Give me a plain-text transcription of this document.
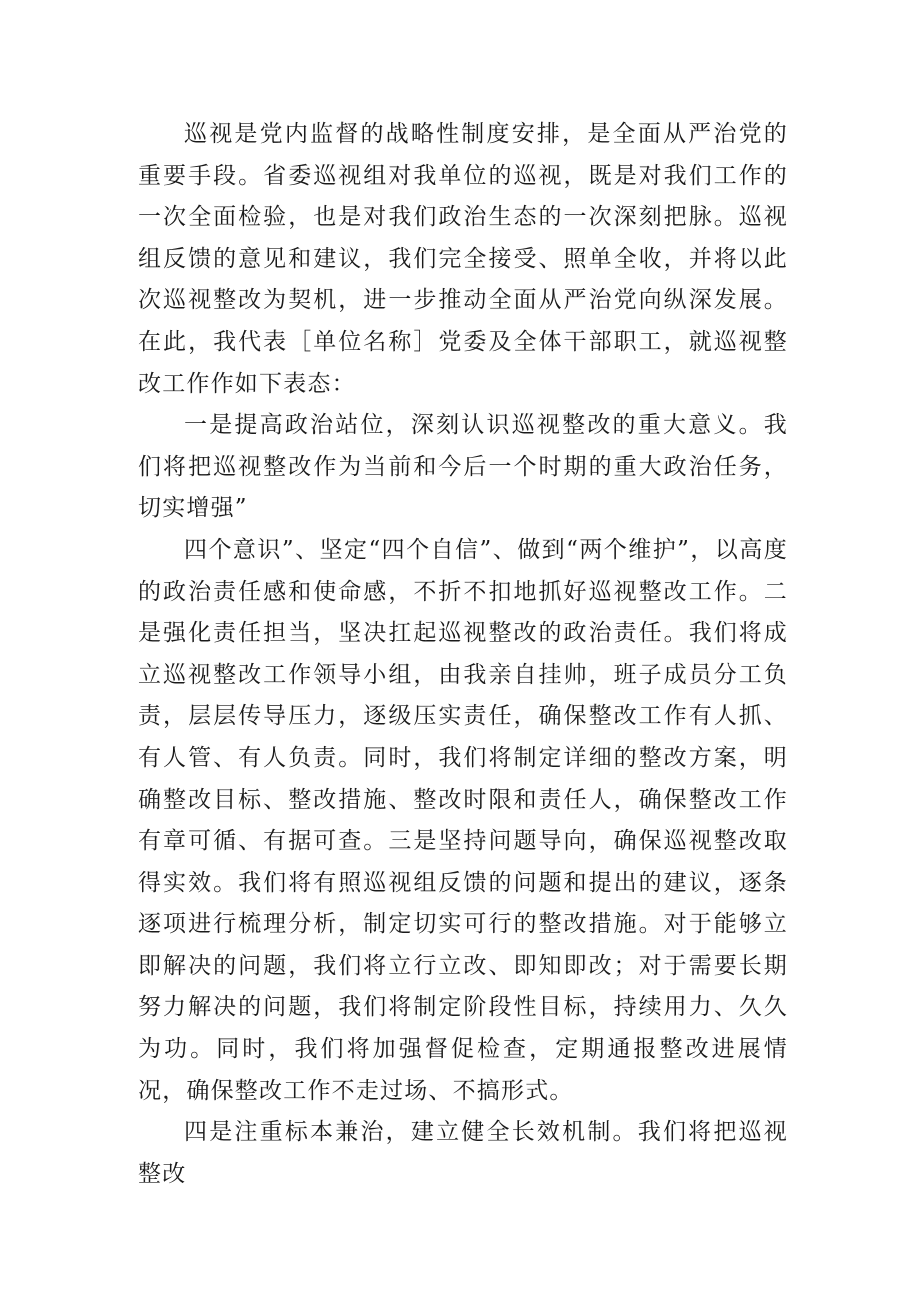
巡视是党内监督的战略性制度安排，是全面从严治党的重要手段。省委巡视组对我单位的巡视，既是对我们工作的一次全面检验，也是对我们政治生态的一次深刻把脉。巡视组反馈的意见和建议，我们完全接受、照单全收，并将以此次巡视整改为契机，进一步推动全面从严治党向纵深发展。在此，我代表［单位名称］党委及全体干部职工，就巡视整改工作作如下表态：

一是提高政治站位，深刻认识巡视整改的重大意义。我们将把巡视整改作为当前和今后一个时期的重大政治任务，切实增强”

四个意识”、坚定“四个自信”、做到“两个维护”，以高度的政治责任感和使命感，不折不扣地抓好巡视整改工作。二是强化责任担当，坚决扛起巡视整改的政治责任。我们将成立巡视整改工作领导小组，由我亲自挂帅，班子成员分工负责，层层传导压力，逐级压实责任，确保整改工作有人抓、有人管、有人负责。同时，我们将制定详细的整改方案，明确整改目标、整改措施、整改时限和责任人，确保整改工作有章可循、有据可查。三是坚持问题导向，确保巡视整改取得实效。我们将有照巡视组反馈的问题和提出的建议，逐条逐项进行梳理分析，制定切实可行的整改措施。对于能够立即解决的问题，我们将立行立改、即知即改；对于需要长期努力解决的问题，我们将制定阶段性目标，持续用力、久久为功。同时，我们将加强督促检查，定期通报整改进展情况，确保整改工作不走过场、不搞形式。

四是注重标本兼治，建立健全长效机制。我们将把巡视整改
